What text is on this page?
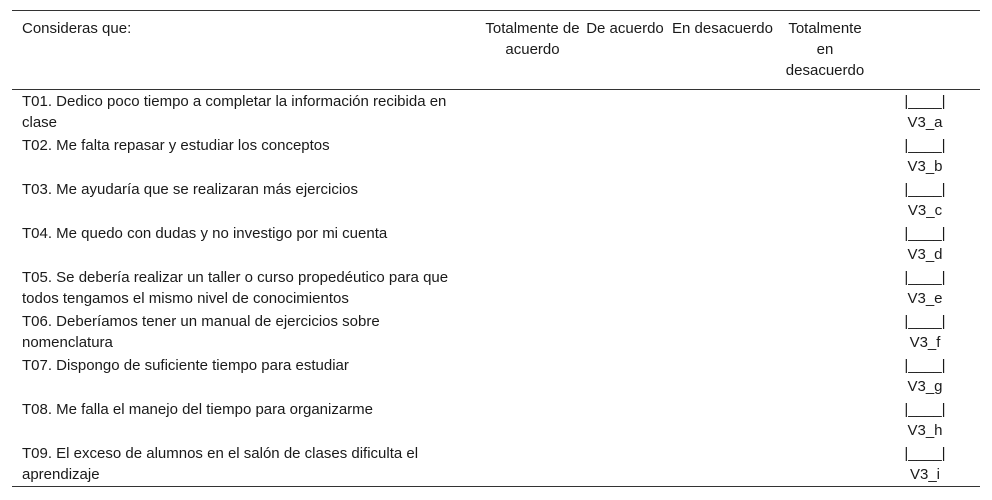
Consideras que:	Totalmente de acuerdo	De acuerdo	En desacuerdo	Totalmente en desacuerdo	
T01. Dedico poco tiempo a completar la información recibida en clase					|____|
V3_a

T02. Me falta repasar y estudiar los conceptos					|____|
V3_b

T03. Me ayudaría que se realizaran más ejercicios					|____|
V3_c

T04. Me quedo con dudas y no investigo por mi cuenta					|____|
V3_d

T05. Se debería realizar un taller o curso propedéutico para que todos tengamos el mismo nivel de conocimientos					|____|
V3_e

T06. Deberíamos tener un manual de ejercicios sobre nomenclatura					|____|
V3_f

T07. Dispongo de suficiente tiempo para estudiar					|____|
V3_g

T08. Me falla el manejo del tiempo para organizarme					|____|
V3_h

T09. El exceso de alumnos en el salón de clases dificulta el aprendizaje					|____|
V3_i
